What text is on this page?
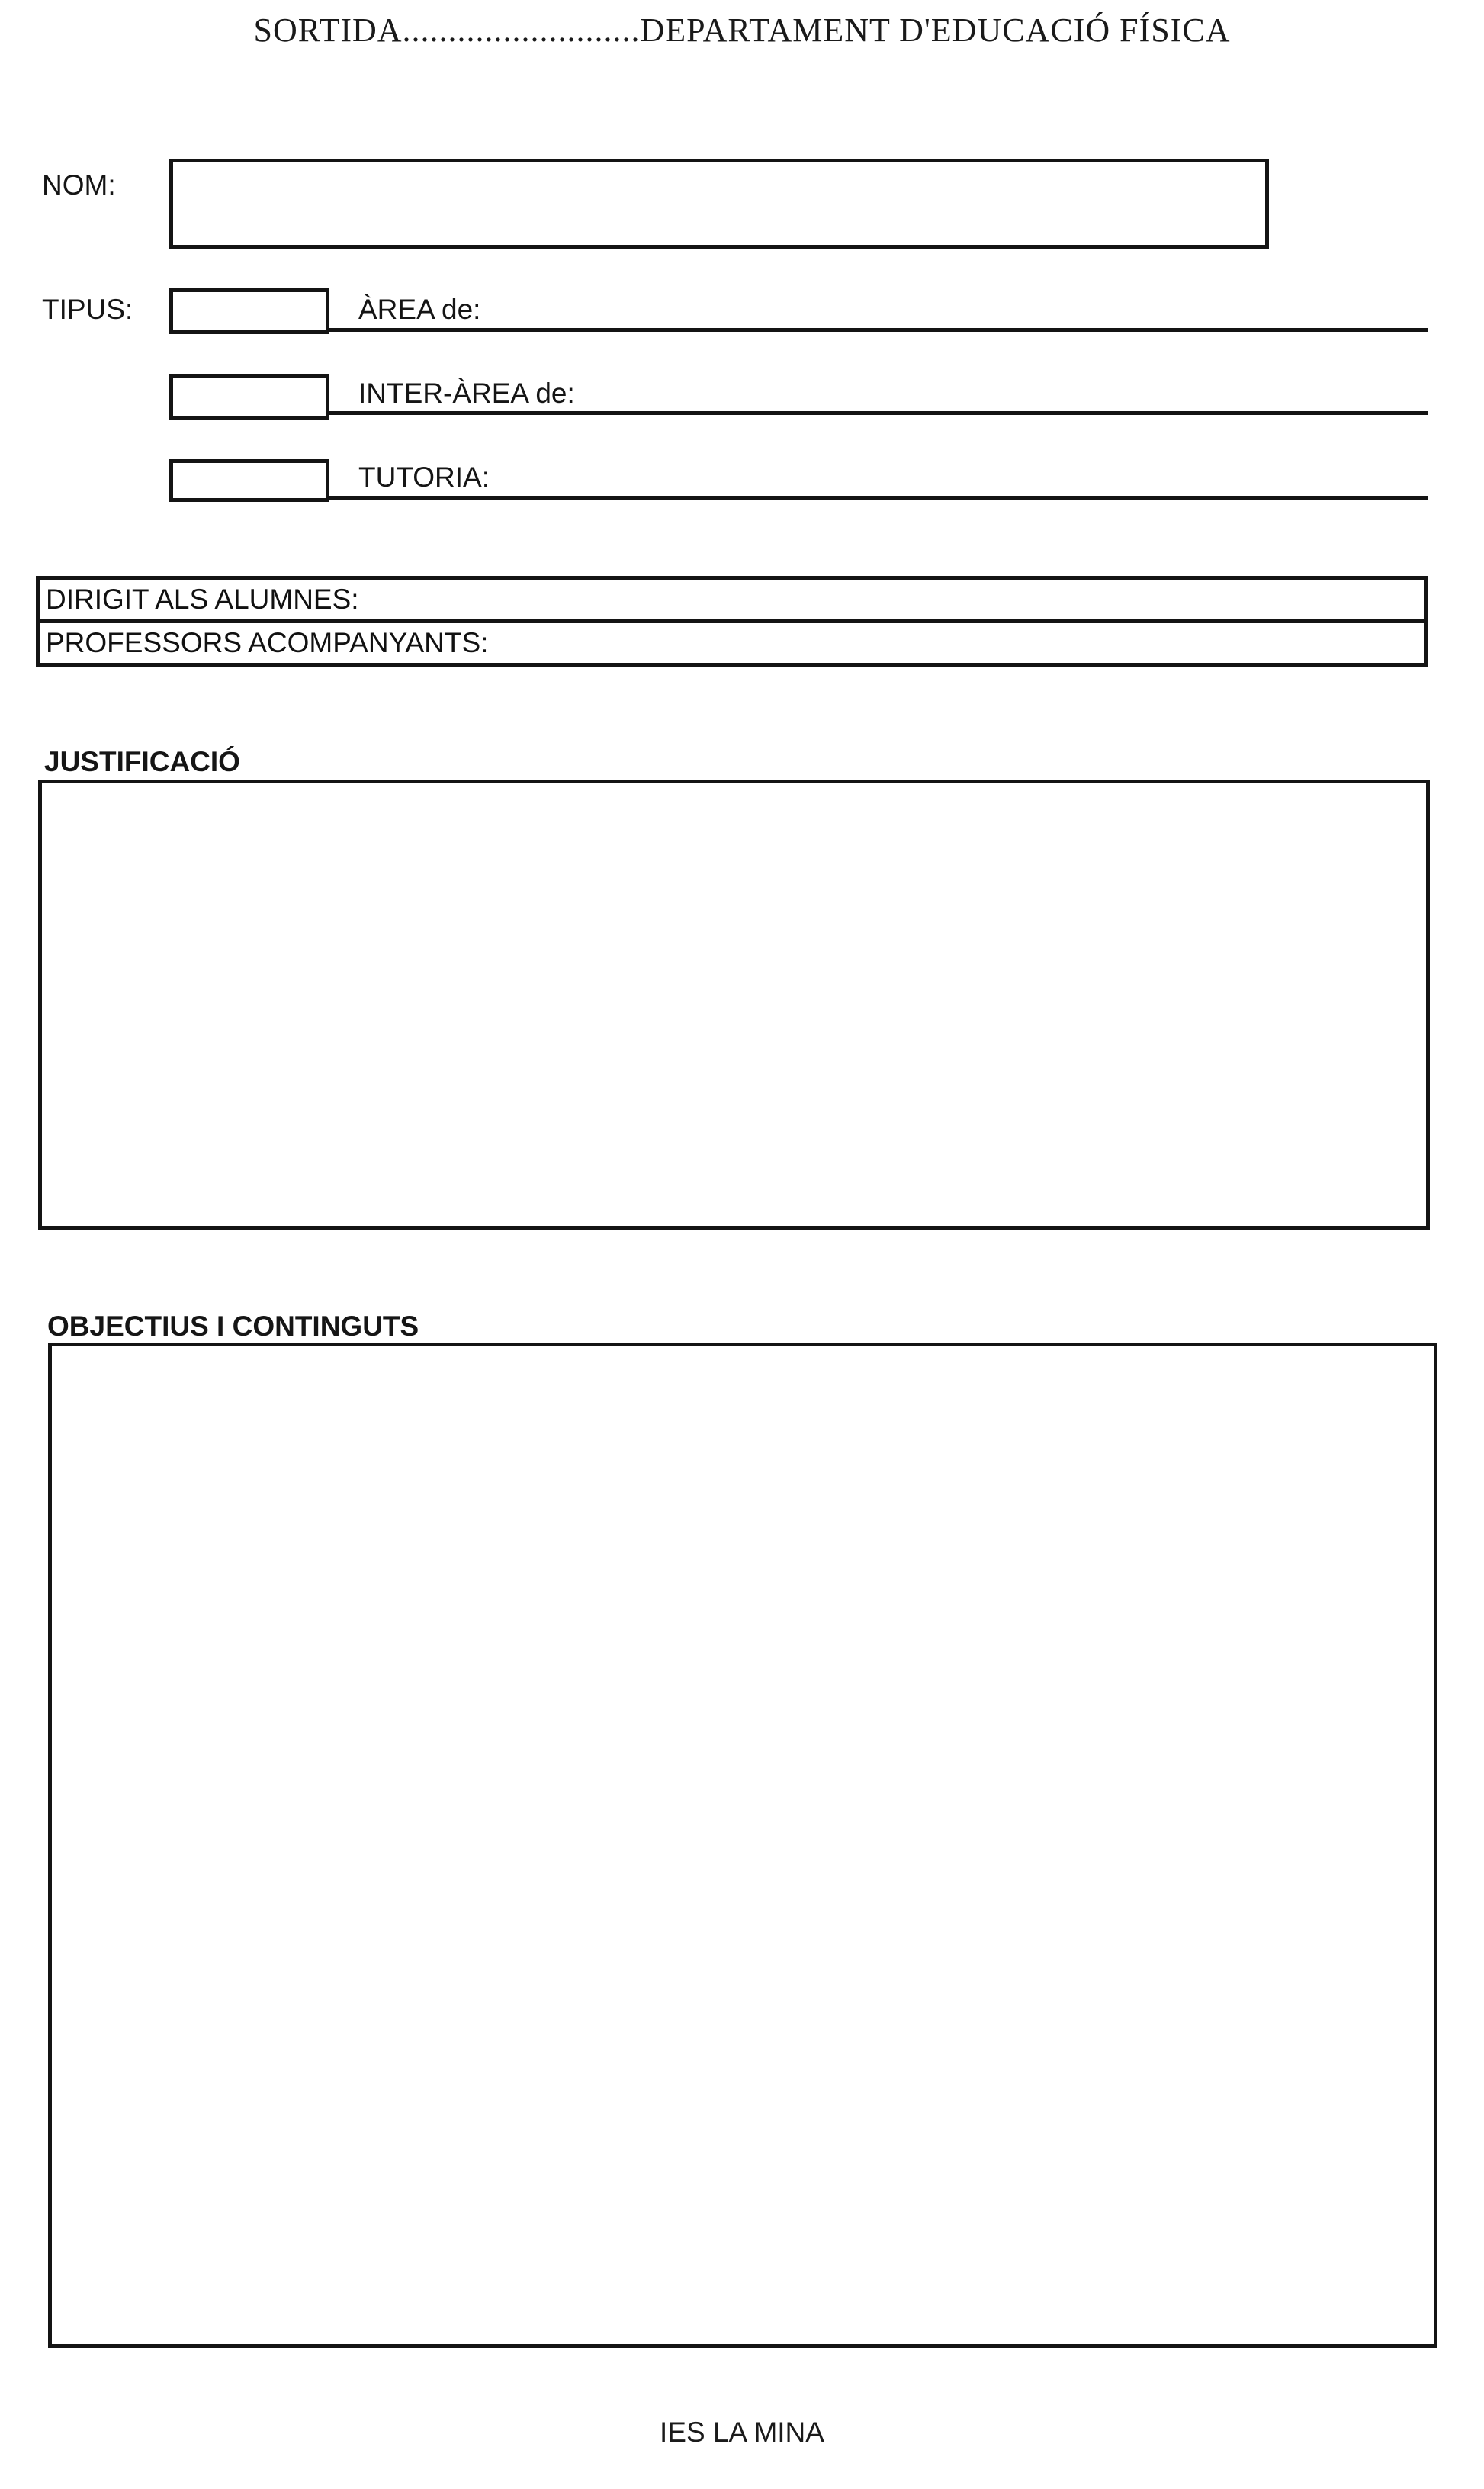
SORTIDA..........................DEPARTAMENT D'EDUCACIÓ FÍSICA
NOM:
TIPUS:	ÀREA de:
INTER-ÀREA de:
TUTORIA:
DIRIGIT ALS ALUMNES:
PROFESSORS ACOMPANYANTS:
JUSTIFICACIÓ
OBJECTIUS I CONTINGUTS
IES LA MINA
